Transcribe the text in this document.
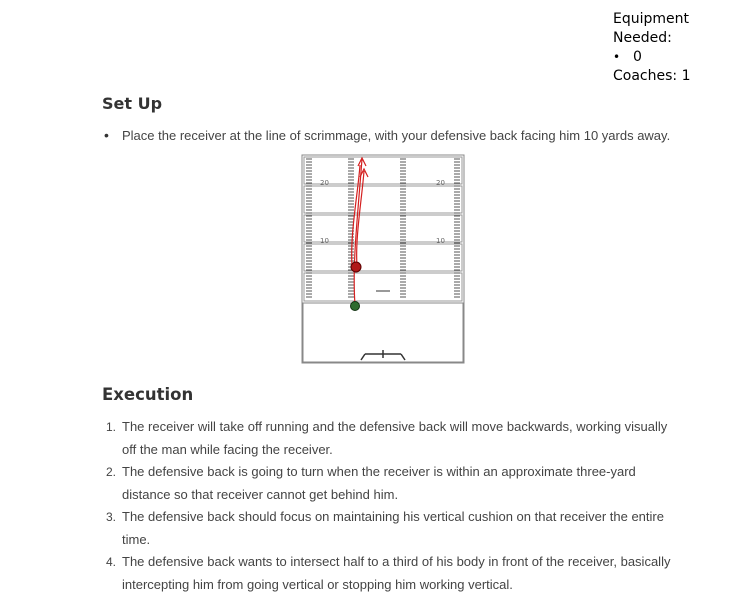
Equipment Needed:
• 0
Coaches: 1
Set Up
• Place the receiver at the line of scrimmage, with your defensive back facing him 10 yards away.
20
10
20
10
Execution
1. The receiver will take off running and the defensive back will move backwards, working visually off the man while facing the receiver.
2. The defensive back is going to turn when the receiver is within an approximate three-yard distance so that receiver cannot get behind him.
3. The defensive back should focus on maintaining his vertical cushion on that receiver the entire time.
4. The defensive back wants to intersect half to a third of his body in front of the receiver, basically intercepting him from going vertical or stopping him working vertical.
